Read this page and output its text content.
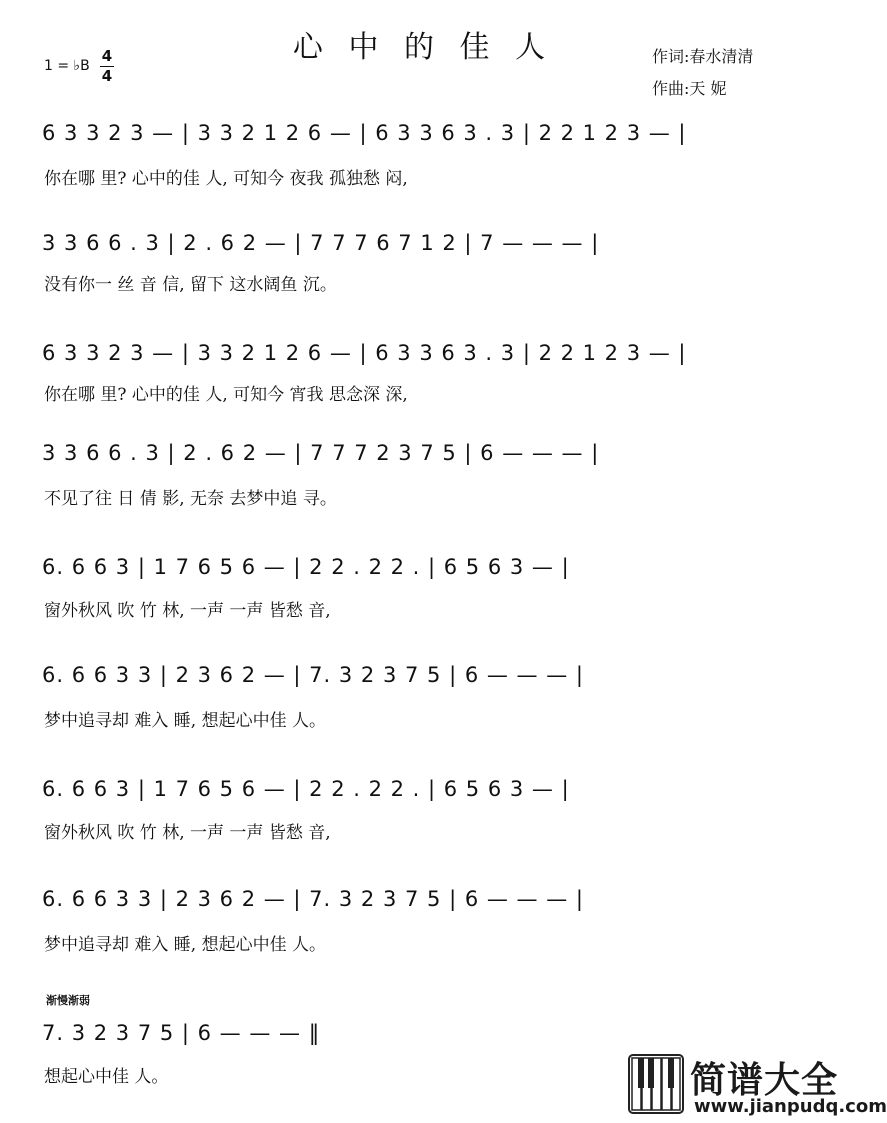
心 中 的 佳 人
1 = ♭B
4
4
作词:春水清清
作曲:天 妮
6 3 3 2 3 — | 3 3 2 1 2 6 — | 6 3 3 6 3 . 3 | 2 2 1 2 3 — |
你在哪 里? 心中的佳 人, 可知今 夜我 孤独愁 闷,
3 3 6 6 . 3 | 2 . 6 2 — | 7 7 7 6 7 1 2 | 7 — — — |
没有你一 丝 音 信, 留下 这水阔鱼 沉。
6 3 3 2 3 — | 3 3 2 1 2 6 — | 6 3 3 6 3 . 3 | 2 2 1 2 3 — |
你在哪 里? 心中的佳 人, 可知今 宵我 思念深 深,
3 3 6 6 . 3 | 2 . 6 2 — | 7 7 7 2 3 7 5 | 6 — — — |
不见了往 日 倩 影, 无奈 去梦中追 寻。
6. 6 6 3 | 1 7 6 5 6 — | 2 2 . 2 2 . | 6 5 6 3 — |
窗外秋风 吹 竹 林, 一声 一声 皆愁 音,
6. 6 6 3 3 | 2 3 6 2 — | 7. 3 2 3 7 5 | 6 — — — |
梦中追寻却 难入 睡, 想起心中佳 人。
6. 6 6 3 | 1 7 6 5 6 — | 2 2 . 2 2 . | 6 5 6 3 — |
窗外秋风 吹 竹 林, 一声 一声 皆愁 音,
6. 6 6 3 3 | 2 3 6 2 — | 7. 3 2 3 7 5 | 6 — — — |
梦中追寻却 难入 睡, 想起心中佳 人。
渐慢渐弱
7. 3 2 3 7 5 | 6 — — — ‖
想起心中佳 人。	简谱大全
www.jianpudq.com
